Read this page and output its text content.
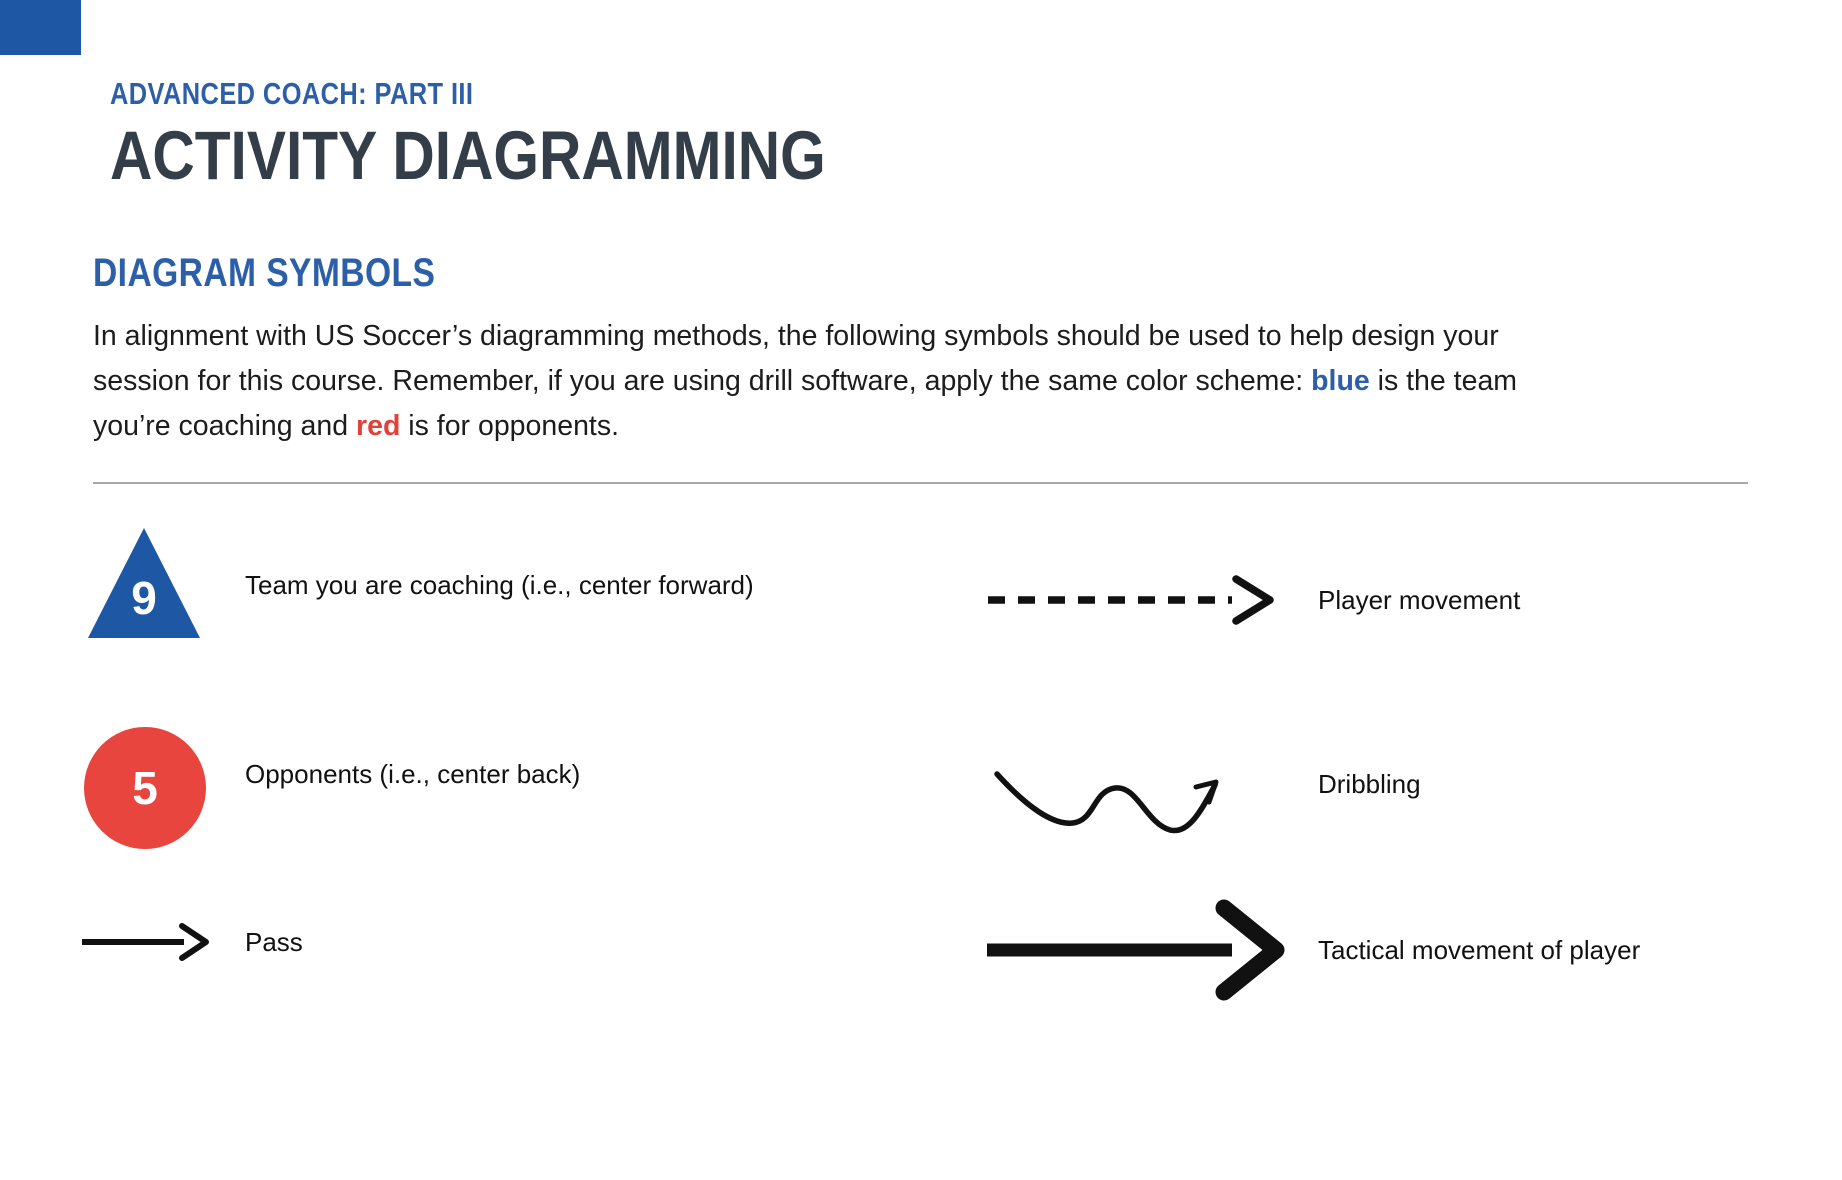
ADVANCED COACH: PART III
ACTIVITY DIAGRAMMING
DIAGRAM SYMBOLS
In alignment with US Soccer’s diagramming methods, the following symbols should be used to help design your
session for this course. Remember, if you are using drill software, apply the same color scheme: blue is the team
you’re coaching and red is for opponents.
9	Team you are coaching (i.e., center forward)	Player movement
5	Opponents (i.e., center back)	Dribbling
Pass	Tactical movement of player
